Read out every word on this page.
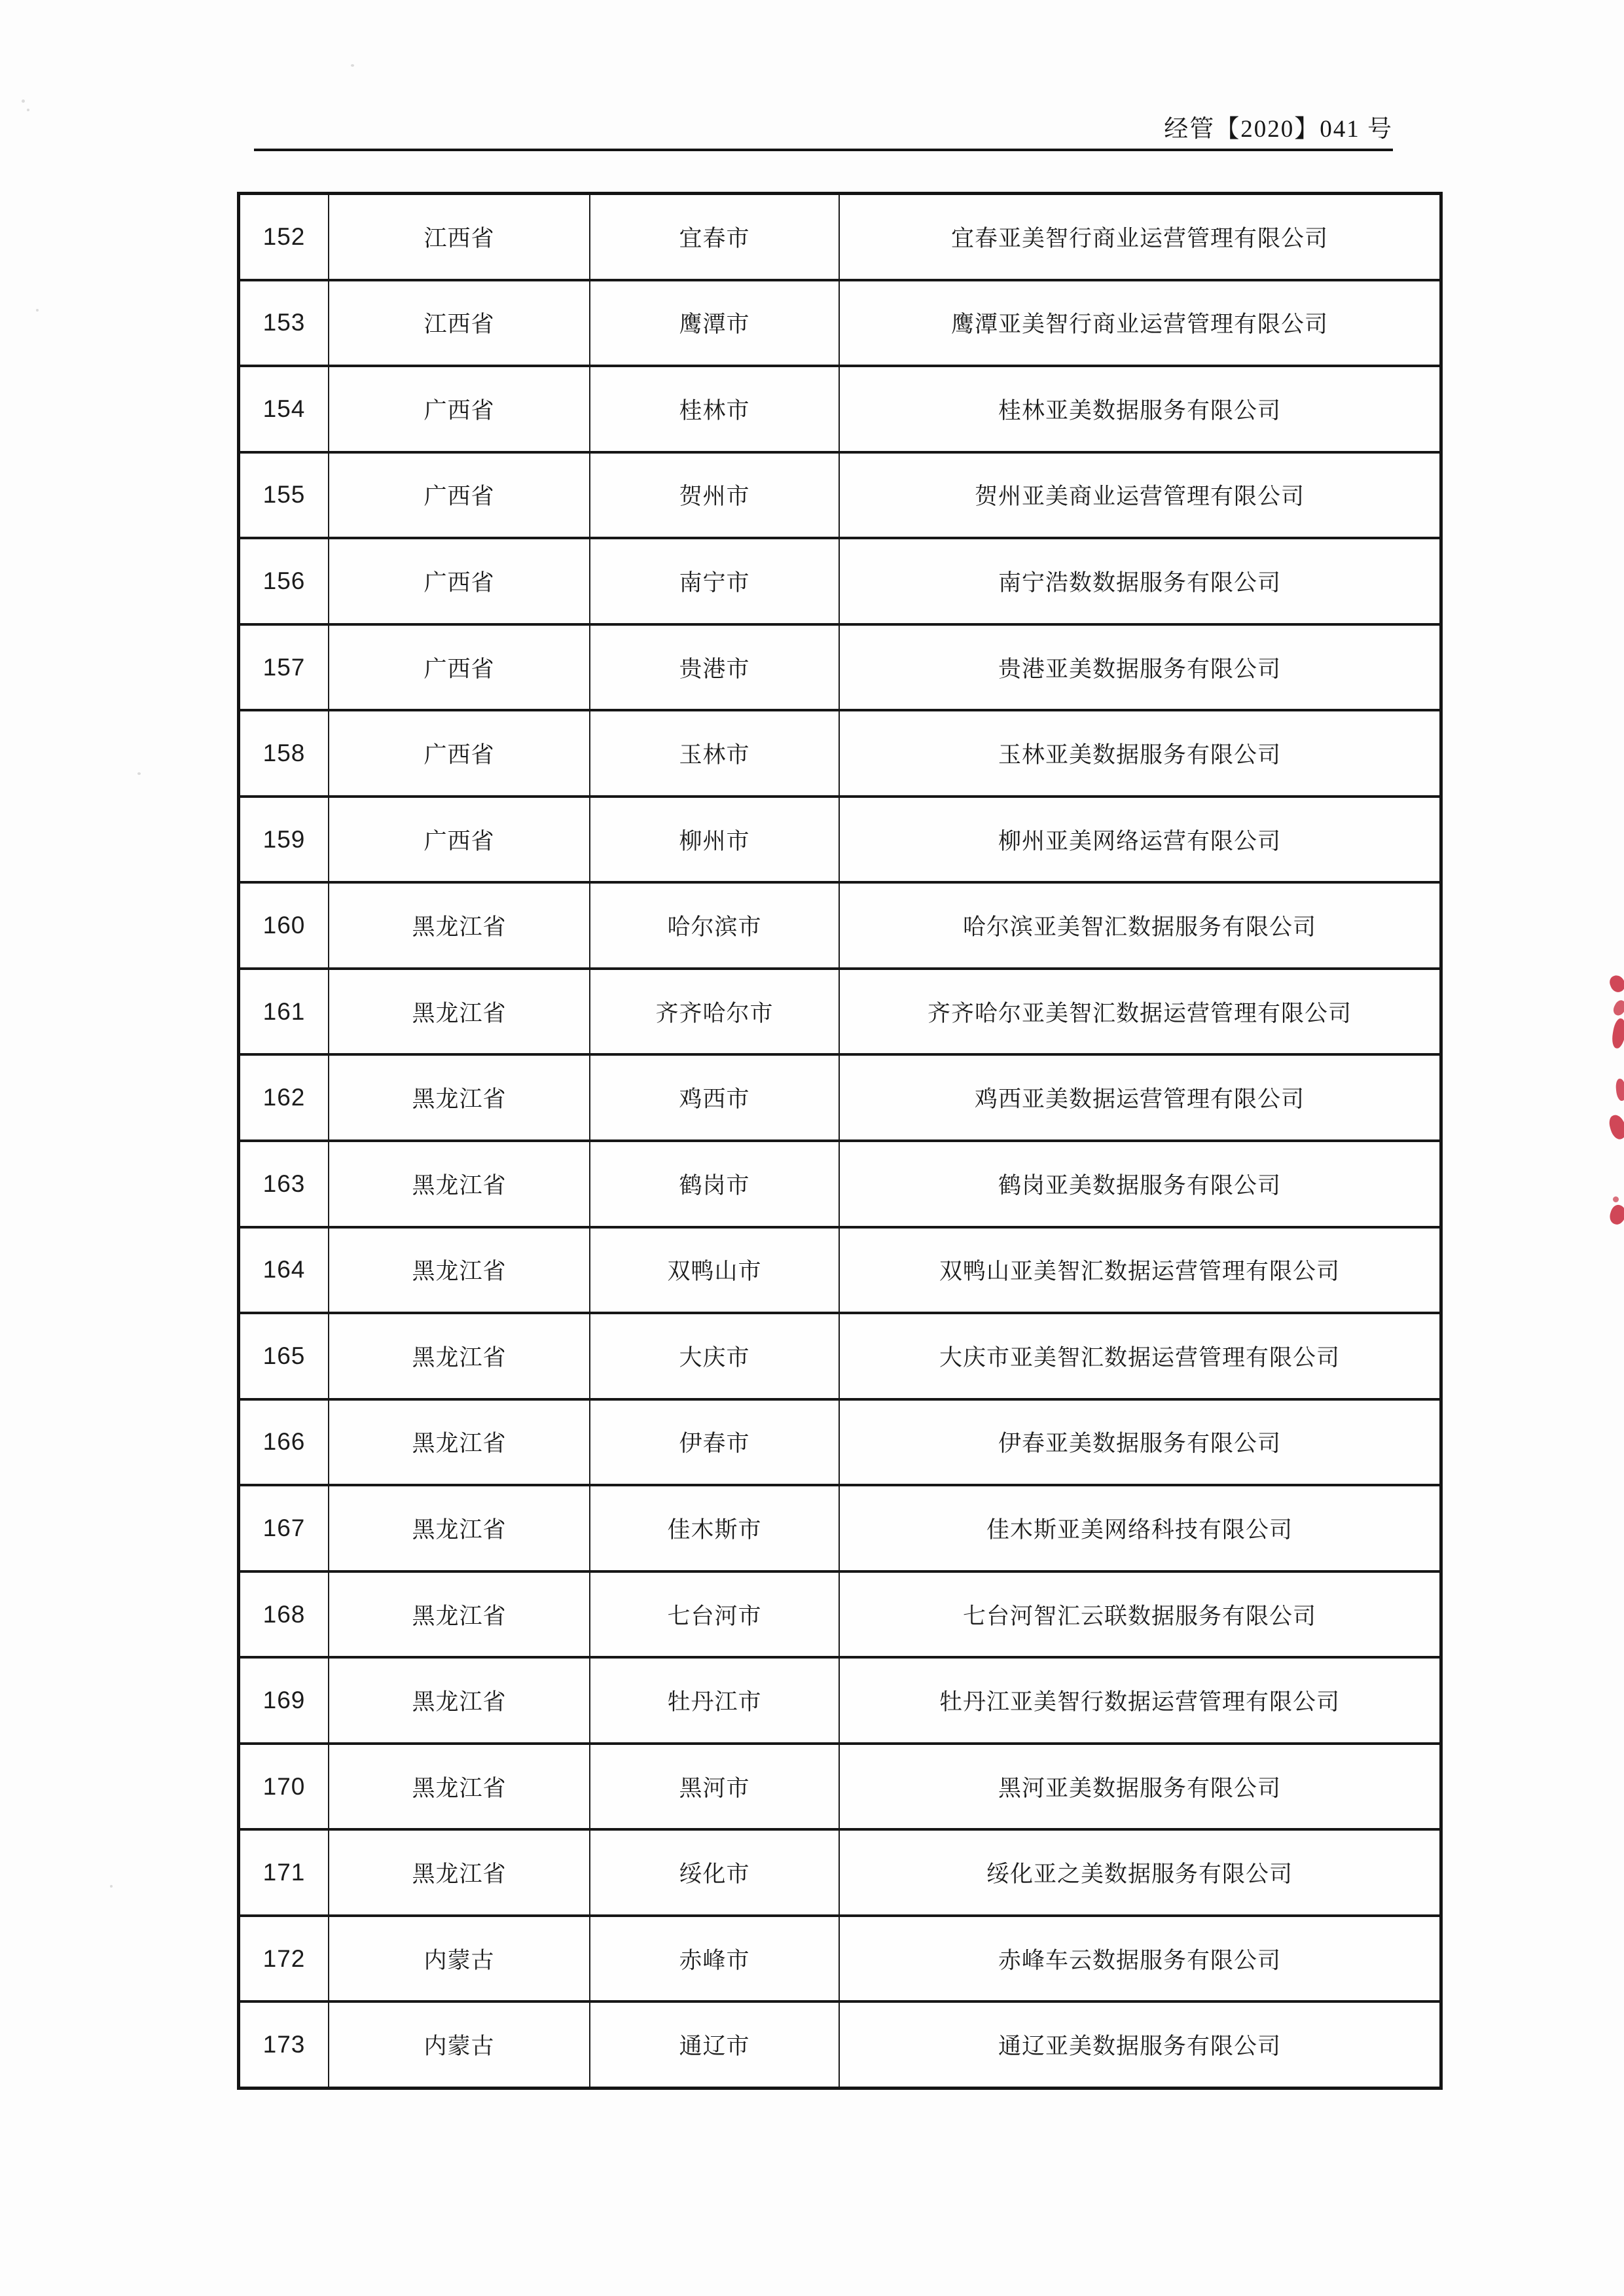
经管【2020】041 号
152	江西省	宜春市	宜春亚美智行商业运营管理有限公司
153	江西省	鹰潭市	鹰潭亚美智行商业运营管理有限公司
154	广西省	桂林市	桂林亚美数据服务有限公司
155	广西省	贺州市	贺州亚美商业运营管理有限公司
156	广西省	南宁市	南宁浩数数据服务有限公司
157	广西省	贵港市	贵港亚美数据服务有限公司
158	广西省	玉林市	玉林亚美数据服务有限公司
159	广西省	柳州市	柳州亚美网络运营有限公司
160	黑龙江省	哈尔滨市	哈尔滨亚美智汇数据服务有限公司
161	黑龙江省	齐齐哈尔市	齐齐哈尔亚美智汇数据运营管理有限公司
162	黑龙江省	鸡西市	鸡西亚美数据运营管理有限公司
163	黑龙江省	鹤岗市	鹤岗亚美数据服务有限公司
164	黑龙江省	双鸭山市	双鸭山亚美智汇数据运营管理有限公司
165	黑龙江省	大庆市	大庆市亚美智汇数据运营管理有限公司
166	黑龙江省	伊春市	伊春亚美数据服务有限公司
167	黑龙江省	佳木斯市	佳木斯亚美网络科技有限公司
168	黑龙江省	七台河市	七台河智汇云联数据服务有限公司
169	黑龙江省	牡丹江市	牡丹江亚美智行数据运营管理有限公司
170	黑龙江省	黑河市	黑河亚美数据服务有限公司
171	黑龙江省	绥化市	绥化亚之美数据服务有限公司
172	内蒙古	赤峰市	赤峰车云数据服务有限公司
173	内蒙古	通辽市	通辽亚美数据服务有限公司
